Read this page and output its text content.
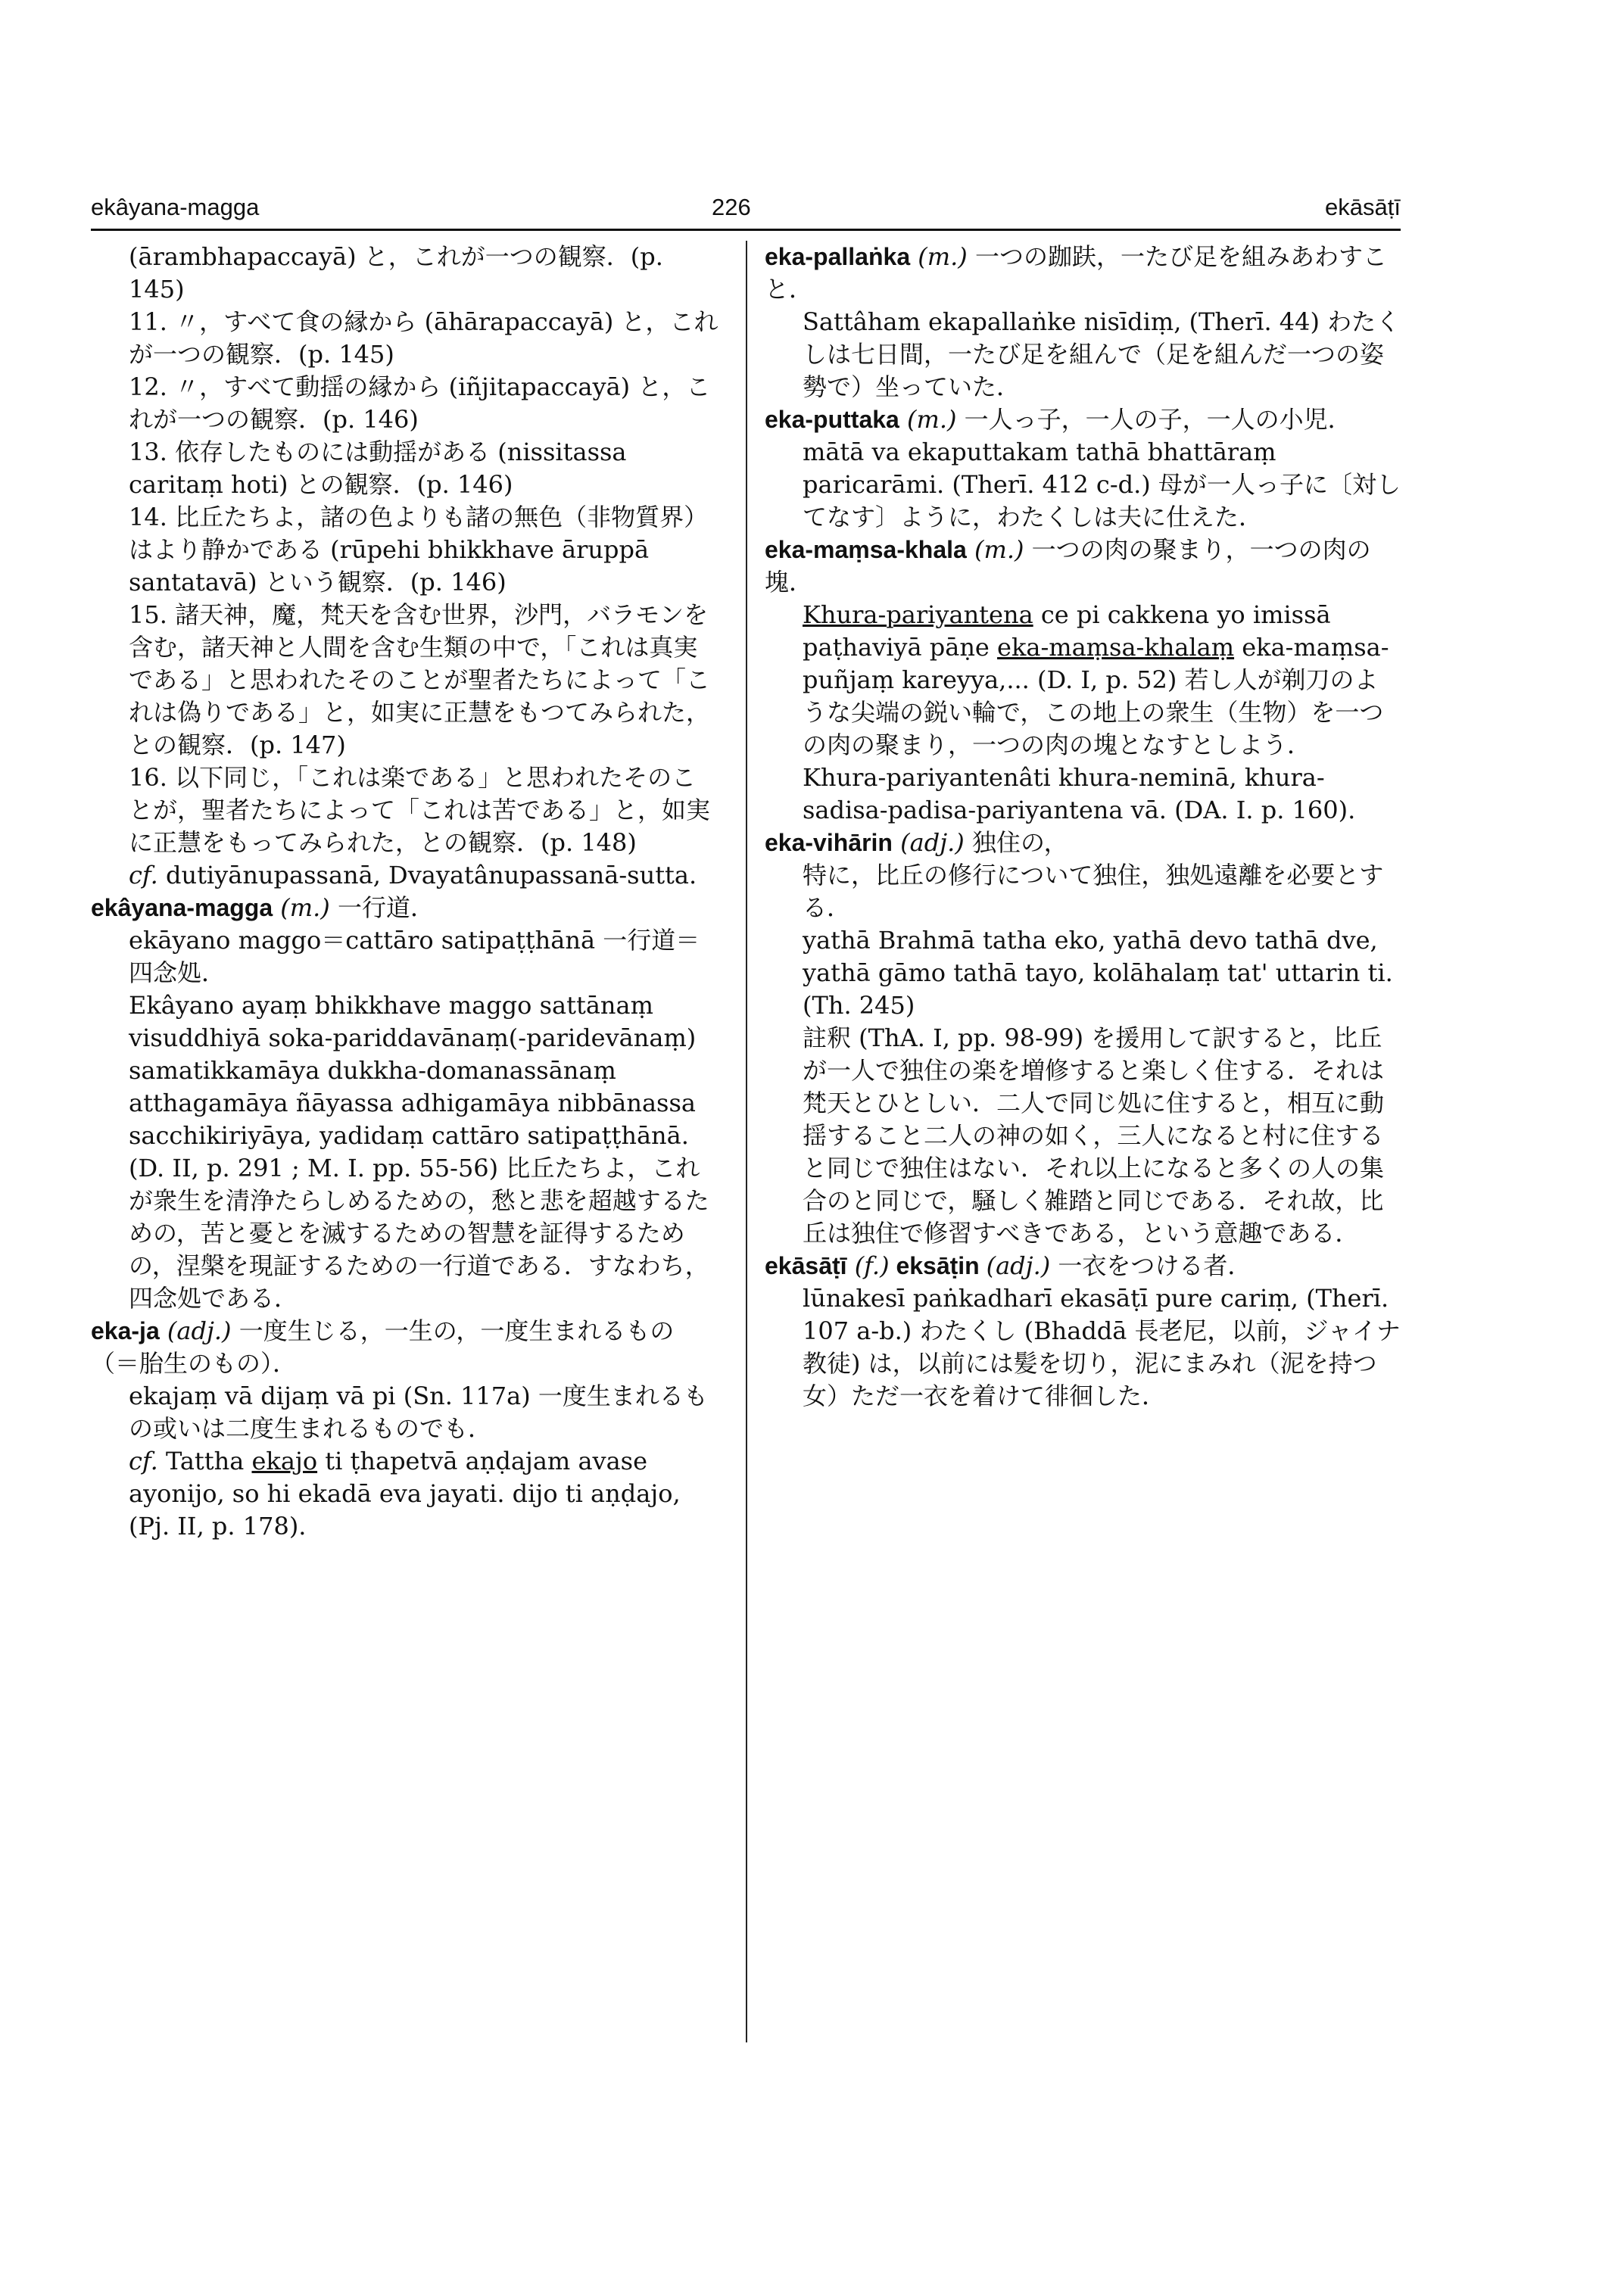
ekâyana-magga	226	ekāsāṭī

(ārambhapaccayā) と，これが一つの観察．(p. 145)

11. 〃，すべて食の縁から (āhārapaccayā) と，これが一つの観察．(p. 145)

12. 〃，すべて動揺の縁から (iñjitapaccayā) と，これが一つの観察．(p. 146)

13. 依存したものには動揺がある (nissitassa caritaṃ hoti) との観察．(p. 146)

14. 比丘たちよ，諸の色よりも諸の無色（非物質界）はより静かである (rūpehi bhikkhave āruppā santatavā) という観察．(p. 146)

15. 諸天神，魔，梵天を含む世界，沙門，バラモンを含む，諸天神と人間を含む生類の中で，「これは真実である」と思われたそのことが聖者たちによって「これは偽りである」と，如実に正慧をもつてみられた，との観察．(p. 147)

16. 以下同じ，「これは楽である」と思われたそのことが，聖者たちによって「これは苦である」と，如実に正慧をもってみられた，との観察．(p. 148)

cf. dutiyānupassanā, Dvayatânupassanā-sutta.

ekâyana-magga (m.) 一行道．

ekāyano maggo＝cattāro satipaṭṭhānā 一行道＝四念処．

Ekâyano ayaṃ bhikkhave maggo sattānaṃ visuddhiyā soka-pariddavānaṃ(-paridevānaṃ) samatikkamāya dukkha-domanassānaṃ atthagamāya ñāyassa adhigamāya nibbānassa sacchikiriyāya, yadidaṃ cattāro satipaṭṭhānā. (D. II, p. 291 ; M. I. pp. 55-56) 比丘たちよ，これが衆生を清浄たらしめるための，愁と悲を超越するための，苦と憂とを滅するための智慧を証得するための，涅槃を現証するための一行道である．すなわち，四念処である．

eka-ja (adj.) 一度生じる，一生の，一度生まれるもの（＝胎生のもの）．

ekajaṃ vā dijaṃ vā pi (Sn. 117a) 一度生まれるもの或いは二度生まれるものでも．

cf. Tattha ekajo ti ṭhapetvā aṇḍajam avase ayonijo, so hi ekadā eva jayati. dijo ti aṇḍajo, (Pj. II, p. 178).

eka-pallaṅka (m.) 一つの跏趺，一たび足を組みあわすこと．

Sattâham ekapallaṅke nisīdiṃ, (Therī. 44) わたくしは七日間，一たび足を組んで（足を組んだ一つの姿勢で）坐っていた．

eka-puttaka (m.) 一人っ子，一人の子，一人の小児．

mātā va ekaputtakam tathā bhattāraṃ paricarāmi. (Therī. 412 c-d.) 母が一人っ子に〔対してなす〕ように，わたくしは夫に仕えた．

eka-maṃsa-khala (m.) 一つの肉の聚まり，一つの肉の塊．

Khura-pariyantena ce pi cakkena yo imissā paṭhaviyā pāṇe eka-maṃsa-khalaṃ eka-maṃsa-puñjaṃ kareyya,... (D. I, p. 52) 若し人が剃刀のような尖端の鋭い輪で，この地上の衆生（生物）を一つの肉の聚まり，一つの肉の塊となすとしよう．

Khura-pariyantenâti khura-neminā, khura- sadisa-padisa-pariyantena vā. (DA. I. p. 160).

eka-vihārin (adj.) 独住の，

特に，比丘の修行について独住，独処遠離を必要とする．

yathā Brahmā tatha eko, yathā devo tathā dve,

yathā gāmo tathā tayo, kolāhalaṃ tat' uttarin ti. (Th. 245)

註釈 (ThA. I, pp. 98-99) を援用して訳すると，比丘が一人で独住の楽を増修すると楽しく住する．それは梵天とひとしい．二人で同じ処に住すると，相互に動揺すること二人の神の如く，三人になると村に住すると同じで独住はない．それ以上になると多くの人の集合のと同じで，騒しく雑踏と同じである．それ故，比丘は独住で修習すべきである，という意趣である．

ekāsāṭī (f.) eksāṭin (adj.) 一衣をつける者．

lūnakesī paṅkadharī ekasāṭī pure cariṃ, (Therī. 107 a-b.) わたくし (Bhaddā 長老尼，以前，ジャイナ教徒) は，以前には髪を切り，泥にまみれ（泥を持つ女）ただ一衣を着けて徘徊した．
